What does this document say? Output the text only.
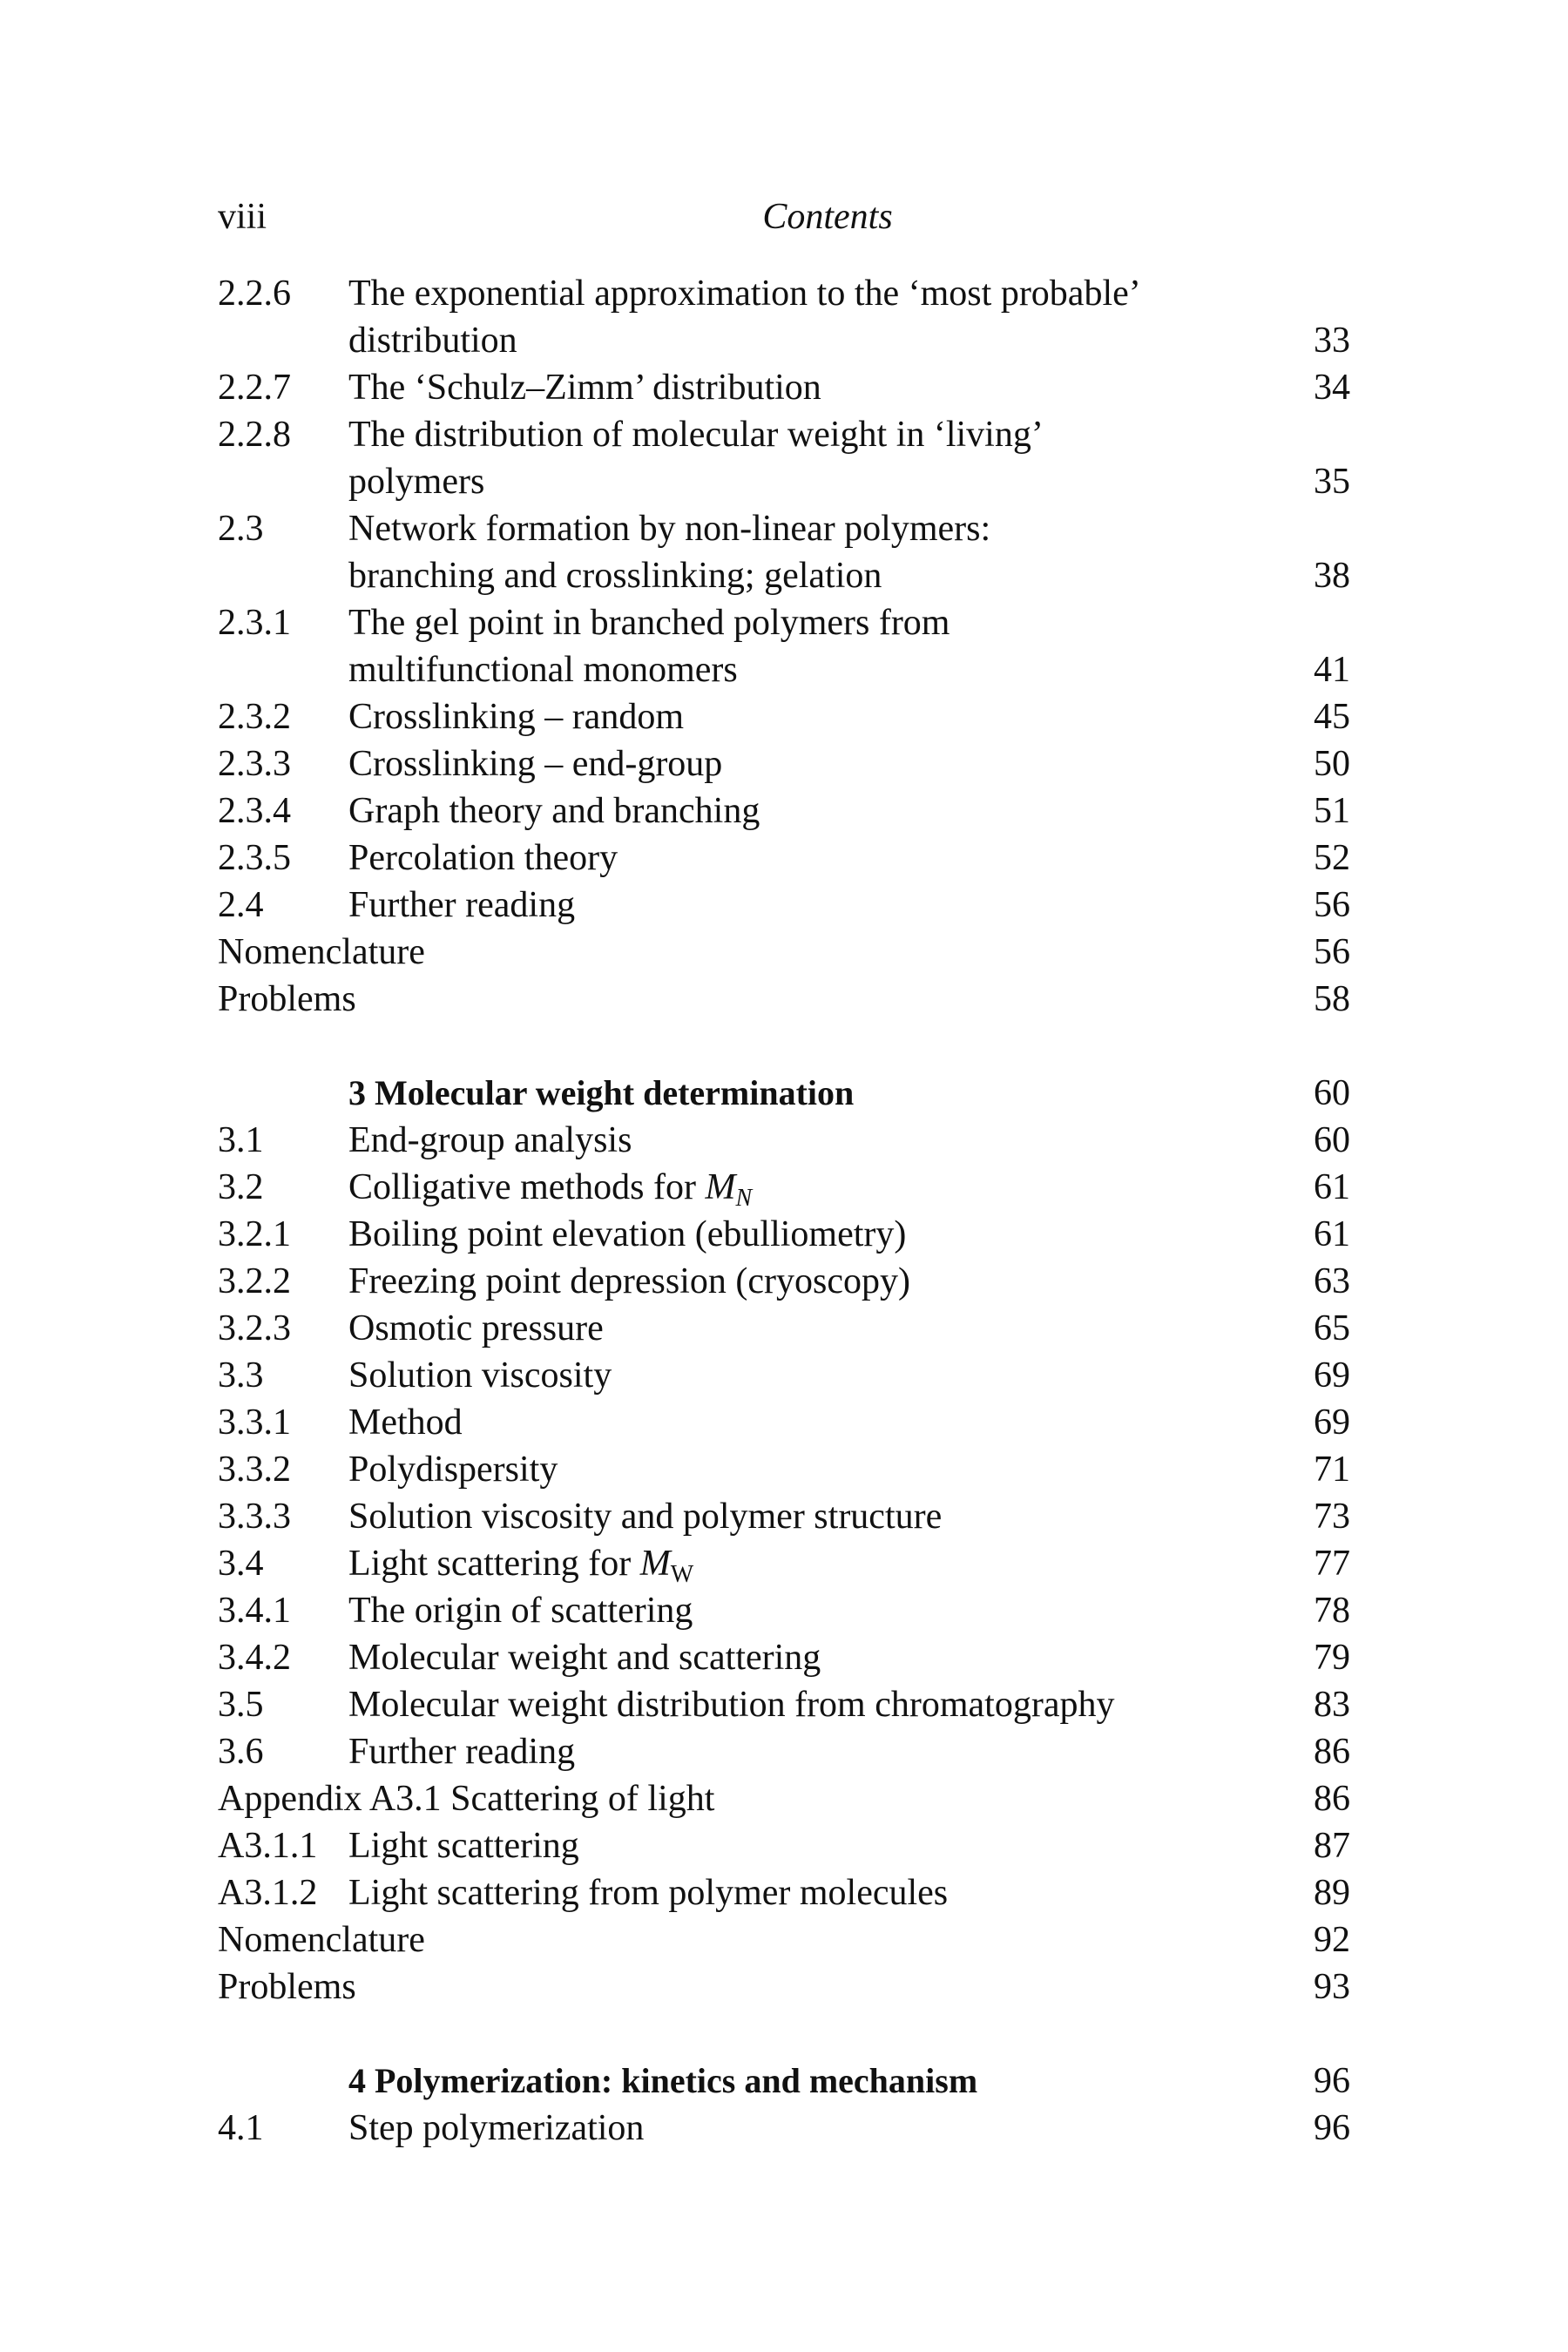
viii	Contents
2.2.6 The exponential approximation to the ‘most probable’
distribution	33
2.2.7 The ‘Schulz–Zimm’ distribution	34
2.2.8 The distribution of molecular weight in ‘living’
polymers	35
2.3 Network formation by non-linear polymers:
branching and crosslinking; gelation	38
2.3.1 The gel point in branched polymers from
multifunctional monomers	41
2.3.2 Crosslinking – random	45
2.3.3 Crosslinking – end-group	50
2.3.4 Graph theory and branching	51
2.3.5 Percolation theory	52
2.4 Further reading	56
Nomenclature	56
Problems	58
3 Molecular weight determination	60
3.1 End-group analysis	60
3.2 Colligative methods for MN	61
3.2.1 Boiling point elevation (ebulliometry)	61
3.2.2 Freezing point depression (cryoscopy)	63
3.2.3 Osmotic pressure	65
3.3 Solution viscosity	69
3.3.1 Method	69
3.3.2 Polydispersity	71
3.3.3 Solution viscosity and polymer structure	73
3.4 Light scattering for MW	77
3.4.1 The origin of scattering	78
3.4.2 Molecular weight and scattering	79
3.5 Molecular weight distribution from chromatography	83
3.6 Further reading	86
Appendix A3.1 Scattering of light	86
A3.1.1 Light scattering	87
A3.1.2 Light scattering from polymer molecules	89
Nomenclature	92
Problems	93
4 Polymerization: kinetics and mechanism	96
4.1 Step polymerization	96
